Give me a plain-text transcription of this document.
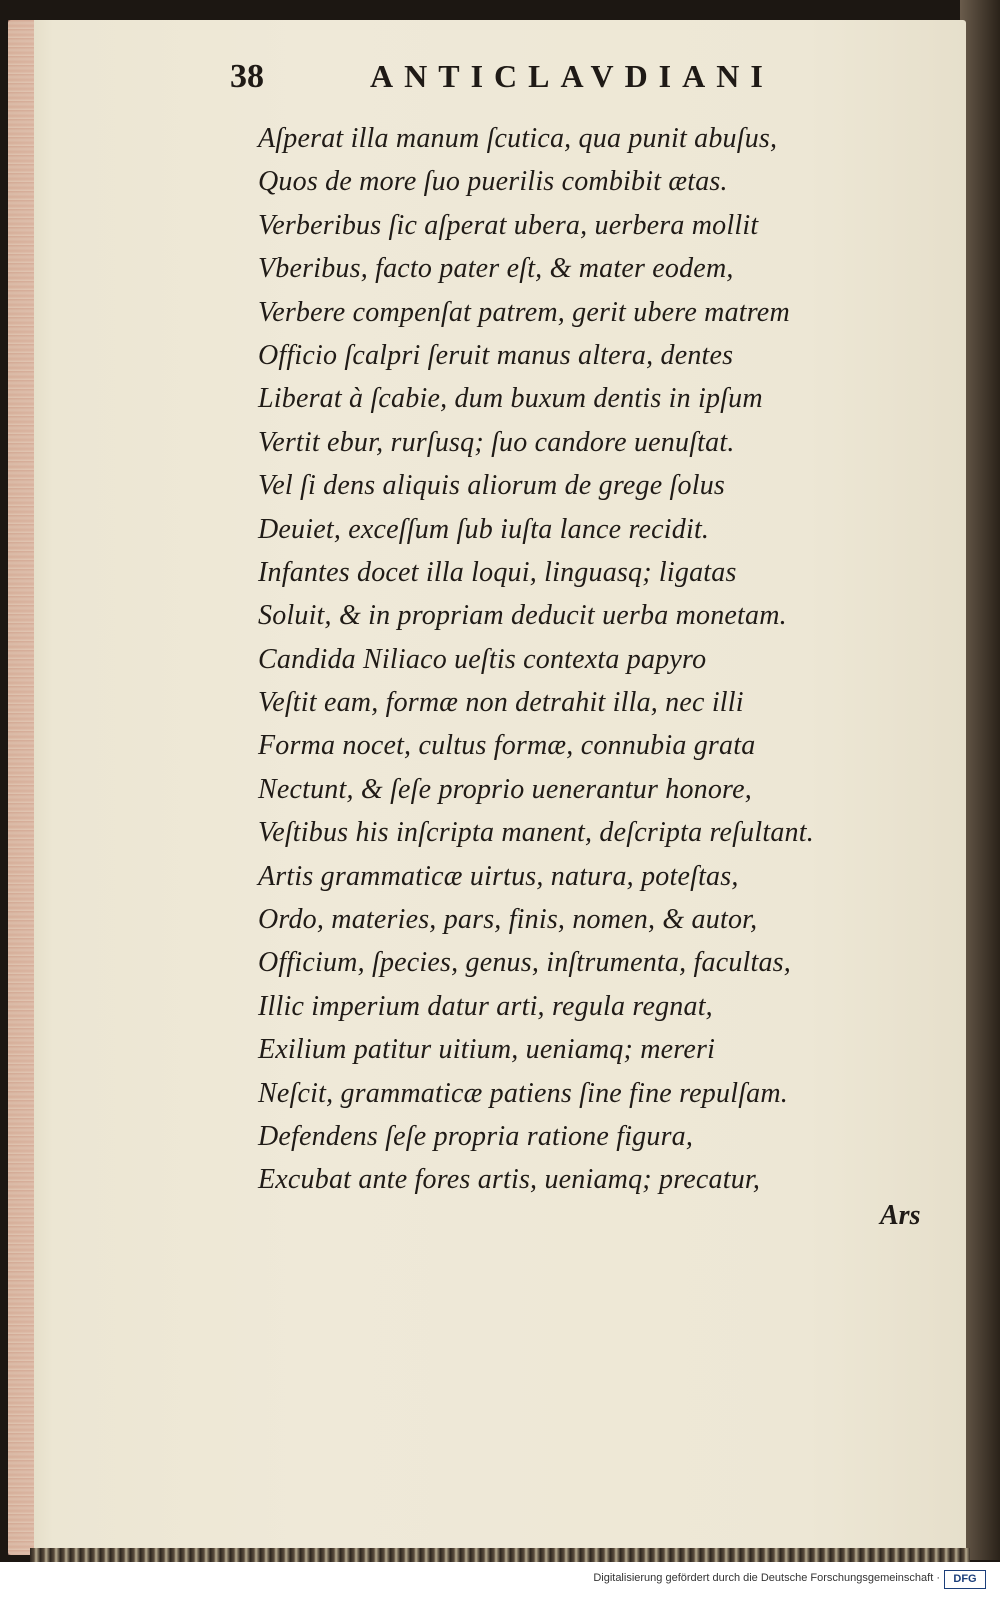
38	ANTICLAVDIANI
Aſperat illa manum ſcutica, qua punit abuſus,
Quos de more ſuo puerilis combibit ætas.
Verberibus ſic aſperat ubera, uerbera mollit
Vberibus, facto pater eſt, & mater eodem,
Verbere compenſat patrem, gerit ubere matrem
Officio ſcalpri ſeruit manus altera, dentes
Liberat à ſcabie, dum buxum dentis in ipſum
Vertit ebur, rurſusq; ſuo candore uenuſtat.
Vel ſi dens aliquis aliorum de grege ſolus
Deuiet, exceſſum ſub iuſta lance recidit.
Infantes docet illa loqui, linguasq; ligatas
Soluit, & in propriam deducit uerba monetam.
Candida Niliaco ueſtis contexta papyro
Veſtit eam, formæ non detrahit illa, nec illi
Forma nocet, cultus formæ, connubia grata
Nectunt, & ſeſe proprio uenerantur honore,
Veſtibus his inſcripta manent, deſcripta reſultant.
Artis grammaticæ uirtus, natura, poteſtas,
Ordo, materies, pars, finis, nomen, & autor,
Officium, ſpecies, genus, inſtrumenta, facultas,
Illic imperium datur arti, regula regnat,
Exilium patitur uitium, ueniamq; mereri
Neſcit, grammaticæ patiens ſine fine repulſam.
Defendens ſeſe propria ratione figura,
Excubat ante fores artis, ueniamq; precatur,
Ars
Digitalisierung gefördert durch die Deutsche Forschungsgemeinschaft ·	DFG
